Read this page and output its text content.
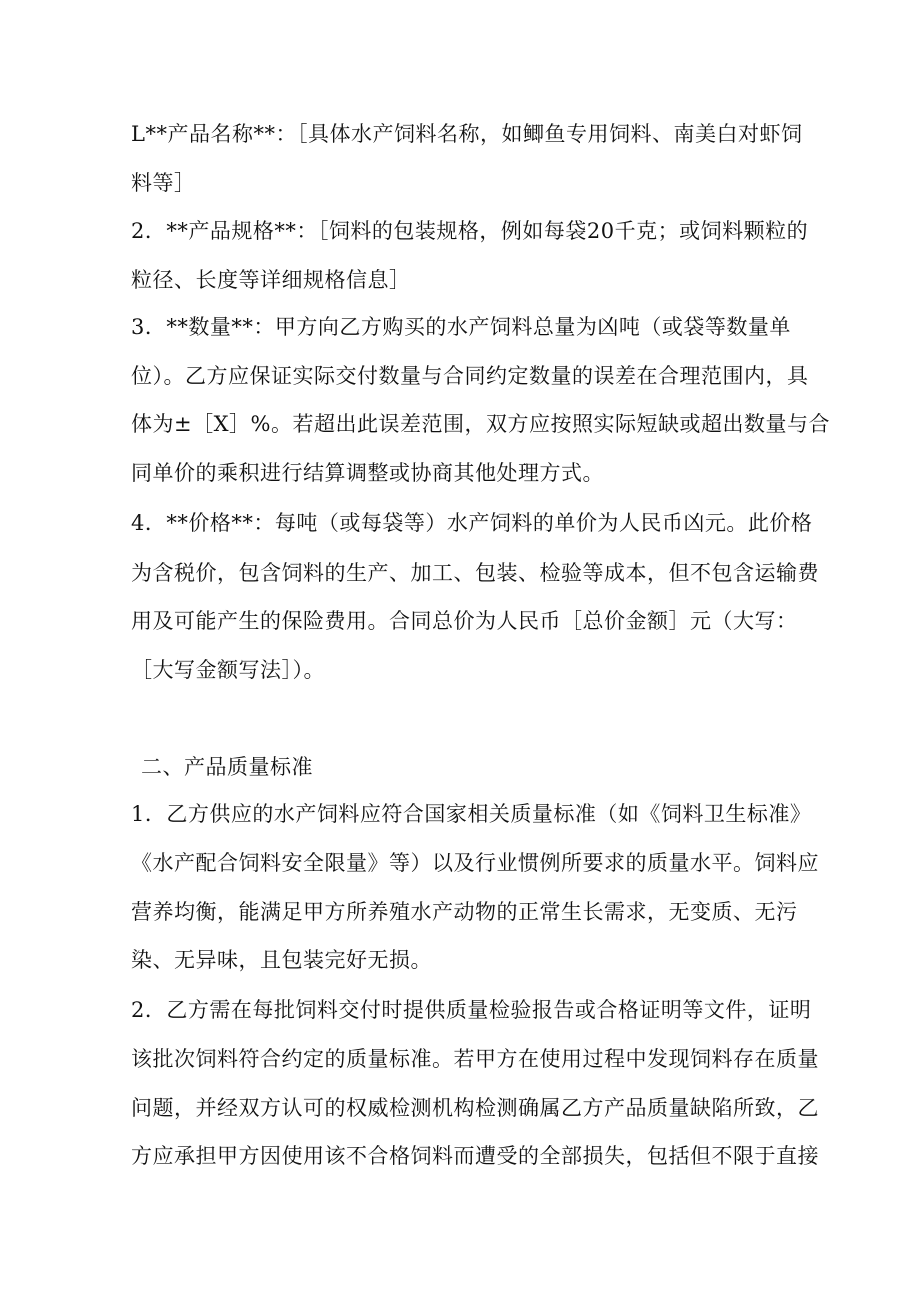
L**产品名称**：［具体水产饲料名称，如鲫鱼专用饲料、南美白对虾饲
料等］
2．**产品规格**：［饲料的包装规格，例如每袋20千克；或饲料颗粒的
粒径、长度等详细规格信息］
3．**数量**：甲方向乙方购买的水产饲料总量为凶吨（或袋等数量单
位）。乙方应保证实际交付数量与合同约定数量的误差在合理范围内，具
体为±［X］%。若超出此误差范围，双方应按照实际短缺或超出数量与合
同单价的乘积进行结算调整或协商其他处理方式。
4．**价格**：每吨（或每袋等）水产饲料的单价为人民币凶元。此价格
为含税价，包含饲料的生产、加工、包装、检验等成本，但不包含运输费
用及可能产生的保险费用。合同总价为人民币［总价金额］元（大写：
［大写金额写法］）。
二、产品质量标准
1．乙方供应的水产饲料应符合国家相关质量标准（如《饲料卫生标准》
《水产配合饲料安全限量》等）以及行业惯例所要求的质量水平。饲料应
营养均衡，能满足甲方所养殖水产动物的正常生长需求，无变质、无污
染、无异味，且包装完好无损。
2．乙方需在每批饲料交付时提供质量检验报告或合格证明等文件，证明
该批次饲料符合约定的质量标准。若甲方在使用过程中发现饲料存在质量
问题，并经双方认可的权威检测机构检测确属乙方产品质量缺陷所致，乙
方应承担甲方因使用该不合格饲料而遭受的全部损失，包括但不限于直接
